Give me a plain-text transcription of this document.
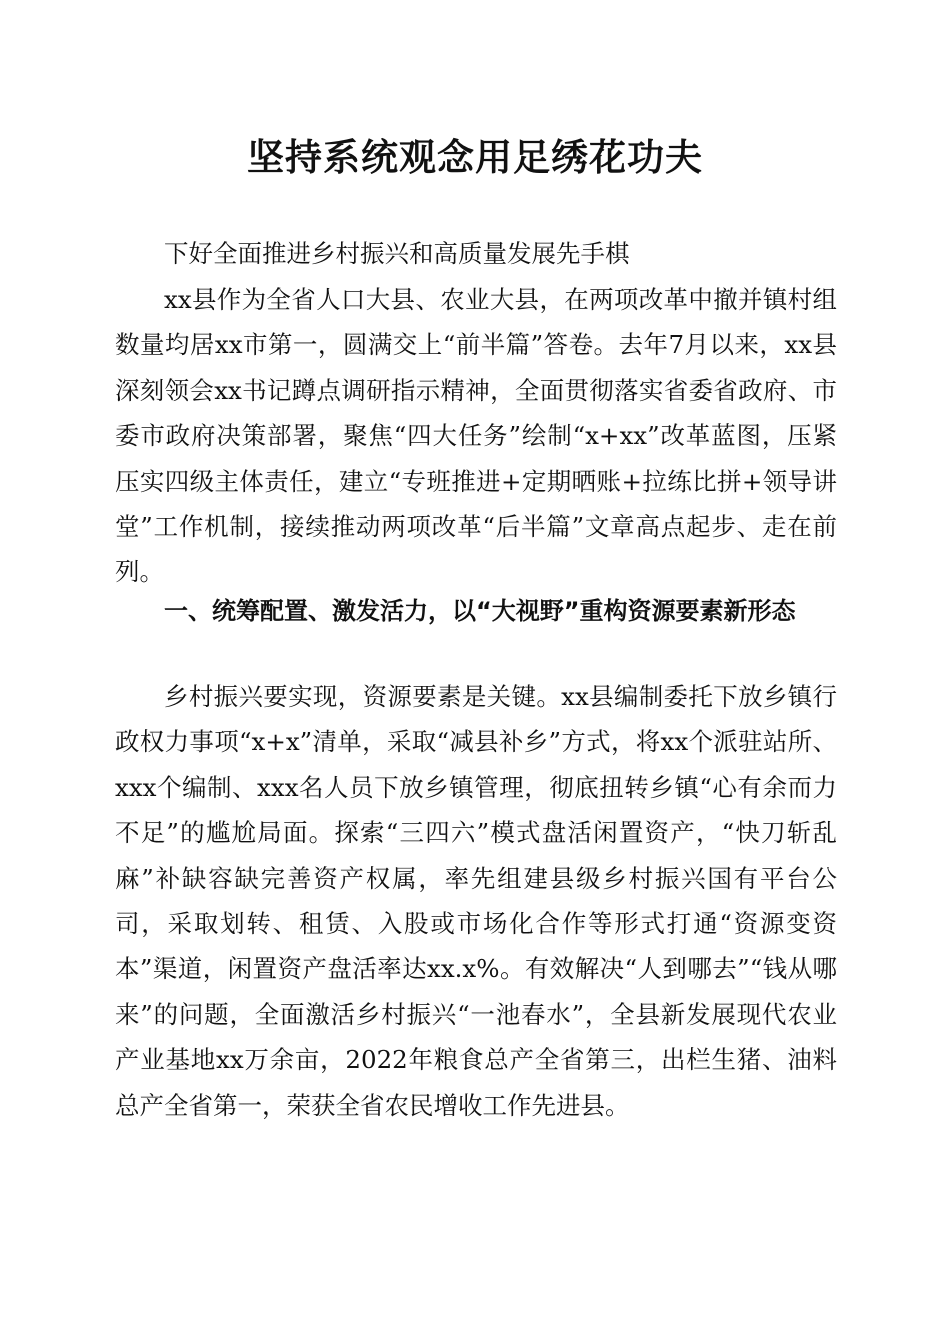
坚持系统观念用足绣花功夫

下好全面推进乡村振兴和高质量发展先手棋

xx县作为全省人口大县、农业大县，在两项改革中撤并镇村组数量均居xx市第一，圆满交上“前半篇”答卷。去年7月以来，xx县深刻领会xx书记蹲点调研指示精神，全面贯彻落实省委省政府、市委市政府决策部署，聚焦“四大任务”绘制“x+xx”改革蓝图，压紧压实四级主体责任，建立“专班推进+定期晒账+拉练比拼+领导讲堂”工作机制，接续推动两项改革“后半篇”文章高点起步、走在前列。

一、统筹配置、激发活力，以“大视野”重构资源要素新形态

乡村振兴要实现，资源要素是关键。xx县编制委托下放乡镇行政权力事项“x+x”清单，采取“减县补乡”方式，将xx个派驻站所、xxx个编制、xxx名人员下放乡镇管理，彻底扭转乡镇“心有余而力不足”的尴尬局面。探索“三四六”模式盘活闲置资产，“快刀斩乱麻”补缺容缺完善资产权属，率先组建县级乡村振兴国有平台公司，采取划转、租赁、入股或市场化合作等形式打通“资源变资本”渠道，闲置资产盘活率达xx.x%。有效解决“人到哪去”“钱从哪来”的问题，全面激活乡村振兴“一池春水”，全县新发展现代农业产业基地xx万余亩，2022年粮食总产全省第三，出栏生猪、油料总产全省第一，荣获全省农民增收工作先进县。
